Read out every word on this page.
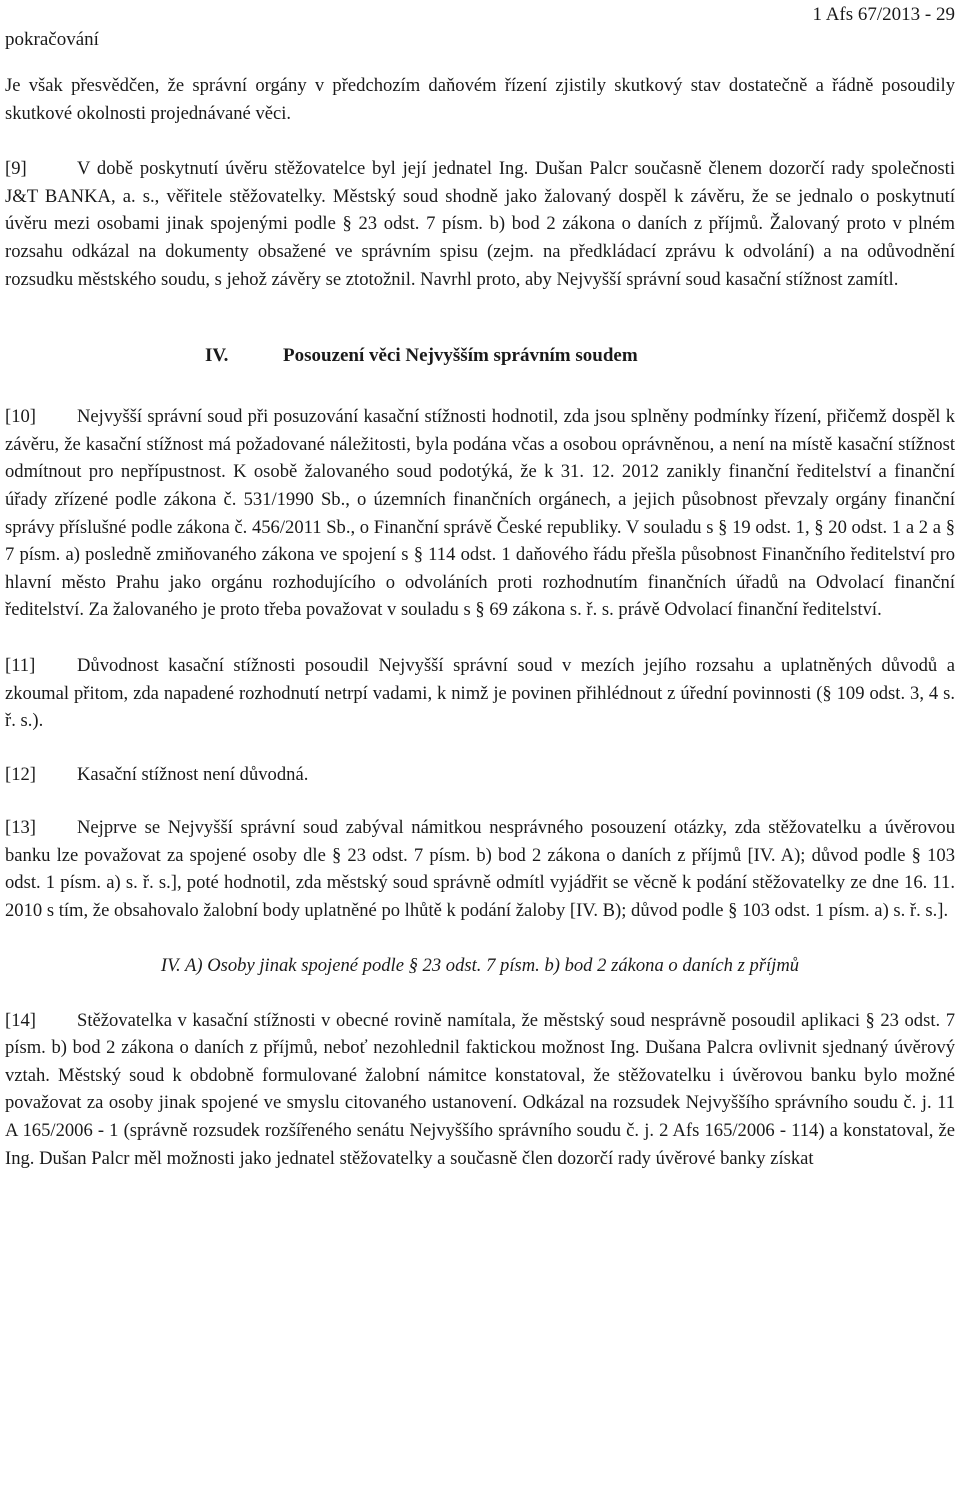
pokračování
1 Afs 67/2013 - 29

Je však přesvědčen, že správní orgány v předchozím daňovém řízení zjistily skutkový stav dostatečně a řádně posoudily skutkové okolnosti projednávané věci.

[9]	V době poskytnutí úvěru stěžovatelce byl její jednatel Ing. Dušan Palcr současně členem dozorčí rady společnosti J&T BANKA, a. s., věřitele stěžovatelky. Městský soud shodně jako žalovaný dospěl k závěru, že se jednalo o poskytnutí úvěru mezi osobami jinak spojenými podle § 23 odst. 7 písm. b) bod 2 zákona o daních z příjmů. Žalovaný proto v plném rozsahu odkázal na dokumenty obsažené ve správním spisu (zejm. na předkládací zprávu k odvolání) a na odůvodnění rozsudku městského soudu, s jehož závěry se ztotožnil. Navrhl proto, aby Nejvyšší správní soud kasační stížnost zamítl.

IV.	Posouzení věci Nejvyšším správním soudem

[10] Nejvyšší správní soud při posuzování kasační stížnosti hodnotil, zda jsou splněny podmínky řízení, přičemž dospěl k závěru, že kasační stížnost má požadované náležitosti, byla podána včas a osobou oprávněnou, a není na místě kasační stížnost odmítnout pro nepřípustnost. K osobě žalovaného soud podotýká, že k 31. 12. 2012 zanikly finanční ředitelství a finanční úřady zřízené podle zákona č. 531/1990 Sb., o územních finančních orgánech, a jejich působnost převzaly orgány finanční správy příslušné podle zákona č. 456/2011 Sb., o Finanční správě České republiky. V souladu s § 19 odst. 1, § 20 odst. 1 a 2 a § 7 písm. a) posledně zmiňovaného zákona ve spojení s § 114 odst. 1 daňového řádu přešla působnost Finančního ředitelství pro hlavní město Prahu jako orgánu rozhodujícího o odvoláních proti rozhodnutím finančních úřadů na Odvolací finanční ředitelství. Za žalovaného je proto třeba považovat v souladu s § 69 zákona s. ř. s. právě Odvolací finanční ředitelství.

[11] Důvodnost kasační stížnosti posoudil Nejvyšší správní soud v mezích jejího rozsahu a uplatněných důvodů a zkoumal přitom, zda napadené rozhodnutí netrpí vadami, k nimž je povinen přihlédnout z úřední povinnosti (§ 109 odst. 3, 4 s. ř. s.).

[12] Kasační stížnost není důvodná.

[13] Nejprve se Nejvyšší správní soud zabýval námitkou nesprávného posouzení otázky, zda stěžovatelku a úvěrovou banku lze považovat za spojené osoby dle § 23 odst. 7 písm. b) bod 2 zákona o daních z příjmů [IV. A); důvod podle § 103 odst. 1 písm. a) s. ř. s.], poté hodnotil, zda městský soud správně odmítl vyjádřit se věcně k podání stěžovatelky ze dne 16. 11. 2010 s tím, že obsahovalo žalobní body uplatněné po lhůtě k podání žaloby [IV. B); důvod podle § 103 odst. 1 písm. a) s. ř. s.].

IV. A) Osoby jinak spojené podle § 23 odst. 7 písm. b) bod 2 zákona o daních z příjmů

[14] Stěžovatelka v kasační stížnosti v obecné rovině namítala, že městský soud nesprávně posoudil aplikaci § 23 odst. 7 písm. b) bod 2 zákona o daních z příjmů, neboť nezohlednil faktickou možnost Ing. Dušana Palcra ovlivnit sjednaný úvěrový vztah. Městský soud k obdobně formulované žalobní námitce konstatoval, že stěžovatelku i úvěrovou banku bylo možné považovat za osoby jinak spojené ve smyslu citovaného ustanovení. Odkázal na rozsudek Nejvyššího správního soudu č. j. 11 A 165/2006 - 1 (správně rozsudek rozšířeného senátu Nejvyššího správního soudu č. j. 2 Afs 165/2006 - 114) a konstatoval, že Ing. Dušan Palcr měl možnosti jako jednatel stěžovatelky a současně člen dozorčí rady úvěrové banky získat
